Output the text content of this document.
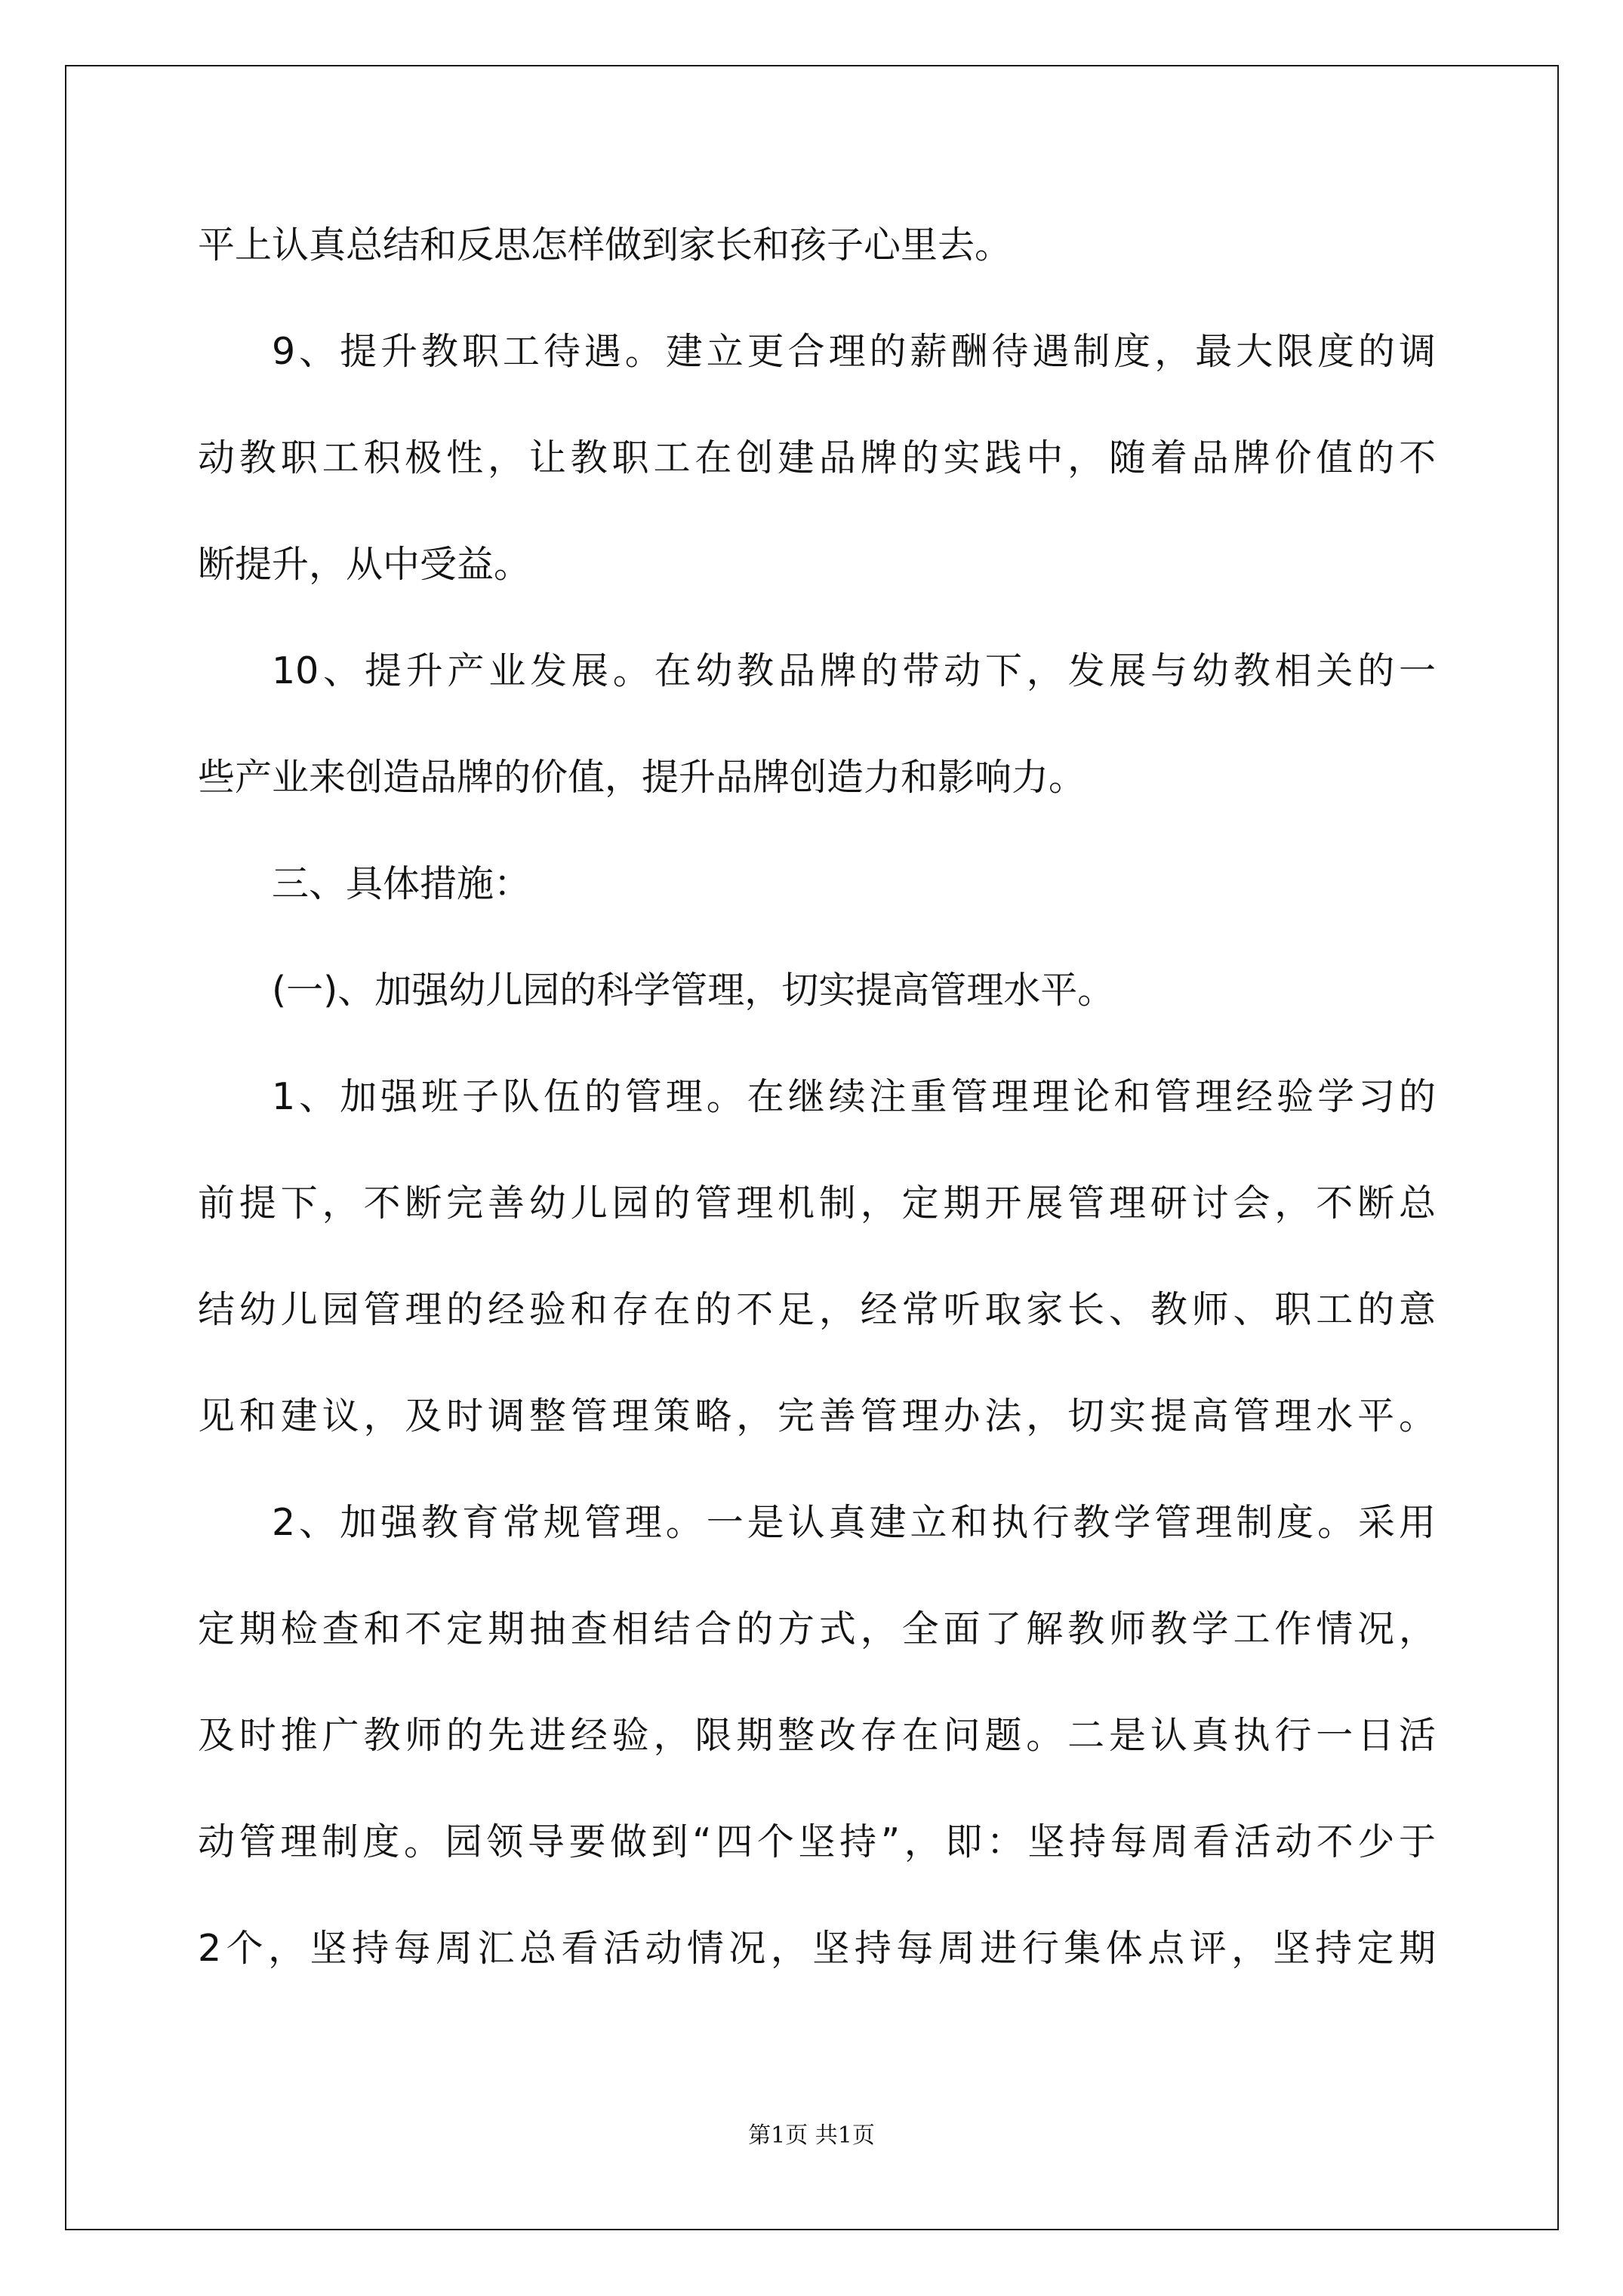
平上认真总结和反思怎样做到家长和孩子心里去。
9、提升教职工待遇。建立更合理的薪酬待遇制度，最大限度的调
动教职工积极性，让教职工在创建品牌的实践中，随着品牌价值的不
断提升，从中受益。
10、提升产业发展。在幼教品牌的带动下，发展与幼教相关的一
些产业来创造品牌的价值，提升品牌创造力和影响力。
三、具体措施：
(一)、加强幼儿园的科学管理，切实提高管理水平。
1、加强班子队伍的管理。在继续注重管理理论和管理经验学习的
前提下，不断完善幼儿园的管理机制，定期开展管理研讨会，不断总
结幼儿园管理的经验和存在的不足，经常听取家长、教师、职工的意
见和建议，及时调整管理策略，完善管理办法，切实提高管理水平。
2、加强教育常规管理。一是认真建立和执行教学管理制度。采用
定期检查和不定期抽查相结合的方式，全面了解教师教学工作情况，
及时推广教师的先进经验，限期整改存在问题。二是认真执行一日活
动管理制度。园领导要做到“四个坚持”，即：坚持每周看活动不少于
2个，坚持每周汇总看活动情况，坚持每周进行集体点评，坚持定期
第1页 共1页
